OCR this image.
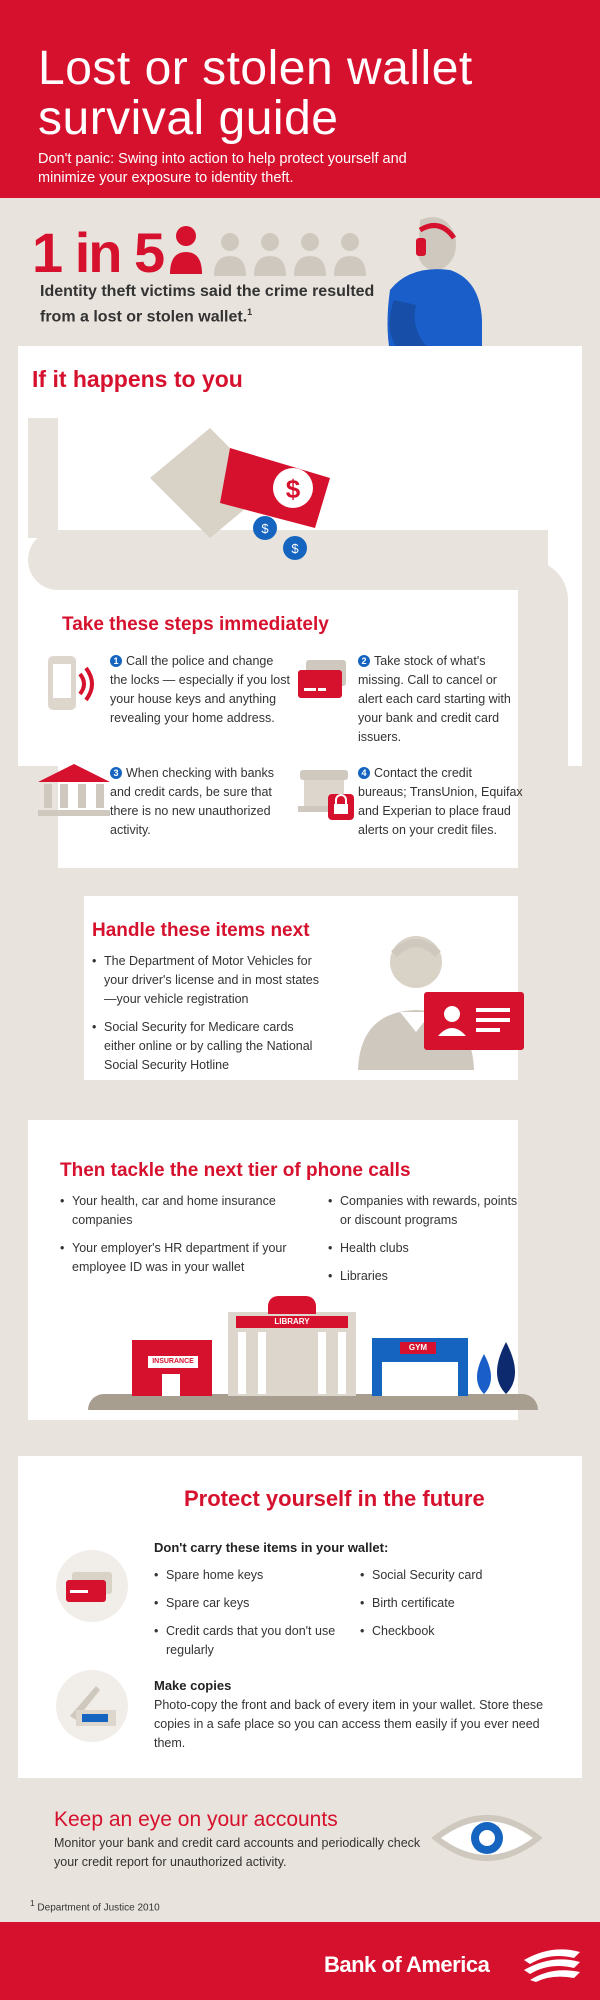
Lost or stolen wallet survival guide

Don't panic: Swing into action to help protect yourself and minimize your exposure to identity theft.

1 in 5
Identity theft victims said the crime resulted from a lost or stolen wallet.$^1$
If it happens to you
$
$
$
Take these steps immediately
1 Call the police and change the locks — especially if you lost your house keys and anything revealing your home address.
2 Take stock of what's missing. Call to cancel or alert each card starting with your bank and credit card issuers.
3 When checking with banks and credit cards, be sure that there is no new unauthorized activity.
4 Contact the credit bureaus; TransUnion, Equifax and Experian to place fraud alerts on your credit files.
Handle these items next
• The Department of Motor Vehicles for your driver's license and in most states—your vehicle registration
• Social Security for Medicare cards either online or by calling the National Social Security Hotline
Then tackle the next tier of phone calls
• Your health, car and home insurance companies
• Your employer's HR department if your employee ID was in your wallet
• Companies with rewards, points or discount programs
• Health clubs
• Libraries
INSURANCE
LIBRARY
GYM
Protect yourself in the future
Don't carry these items in your wallet:
• Spare home keys
• Spare car keys
• Credit cards that you don't use regularly
• Social Security card
• Birth certificate
• Checkbook
Make copies
Photo-copy the front and back of every item in your wallet. Store these copies in a safe place so you can access them easily if you ever need them.
Keep an eye on your accounts
Monitor your bank and credit card accounts and periodically check your credit report for unauthorized activity.
$^1$ Department of Justice 2010
Bank of America
